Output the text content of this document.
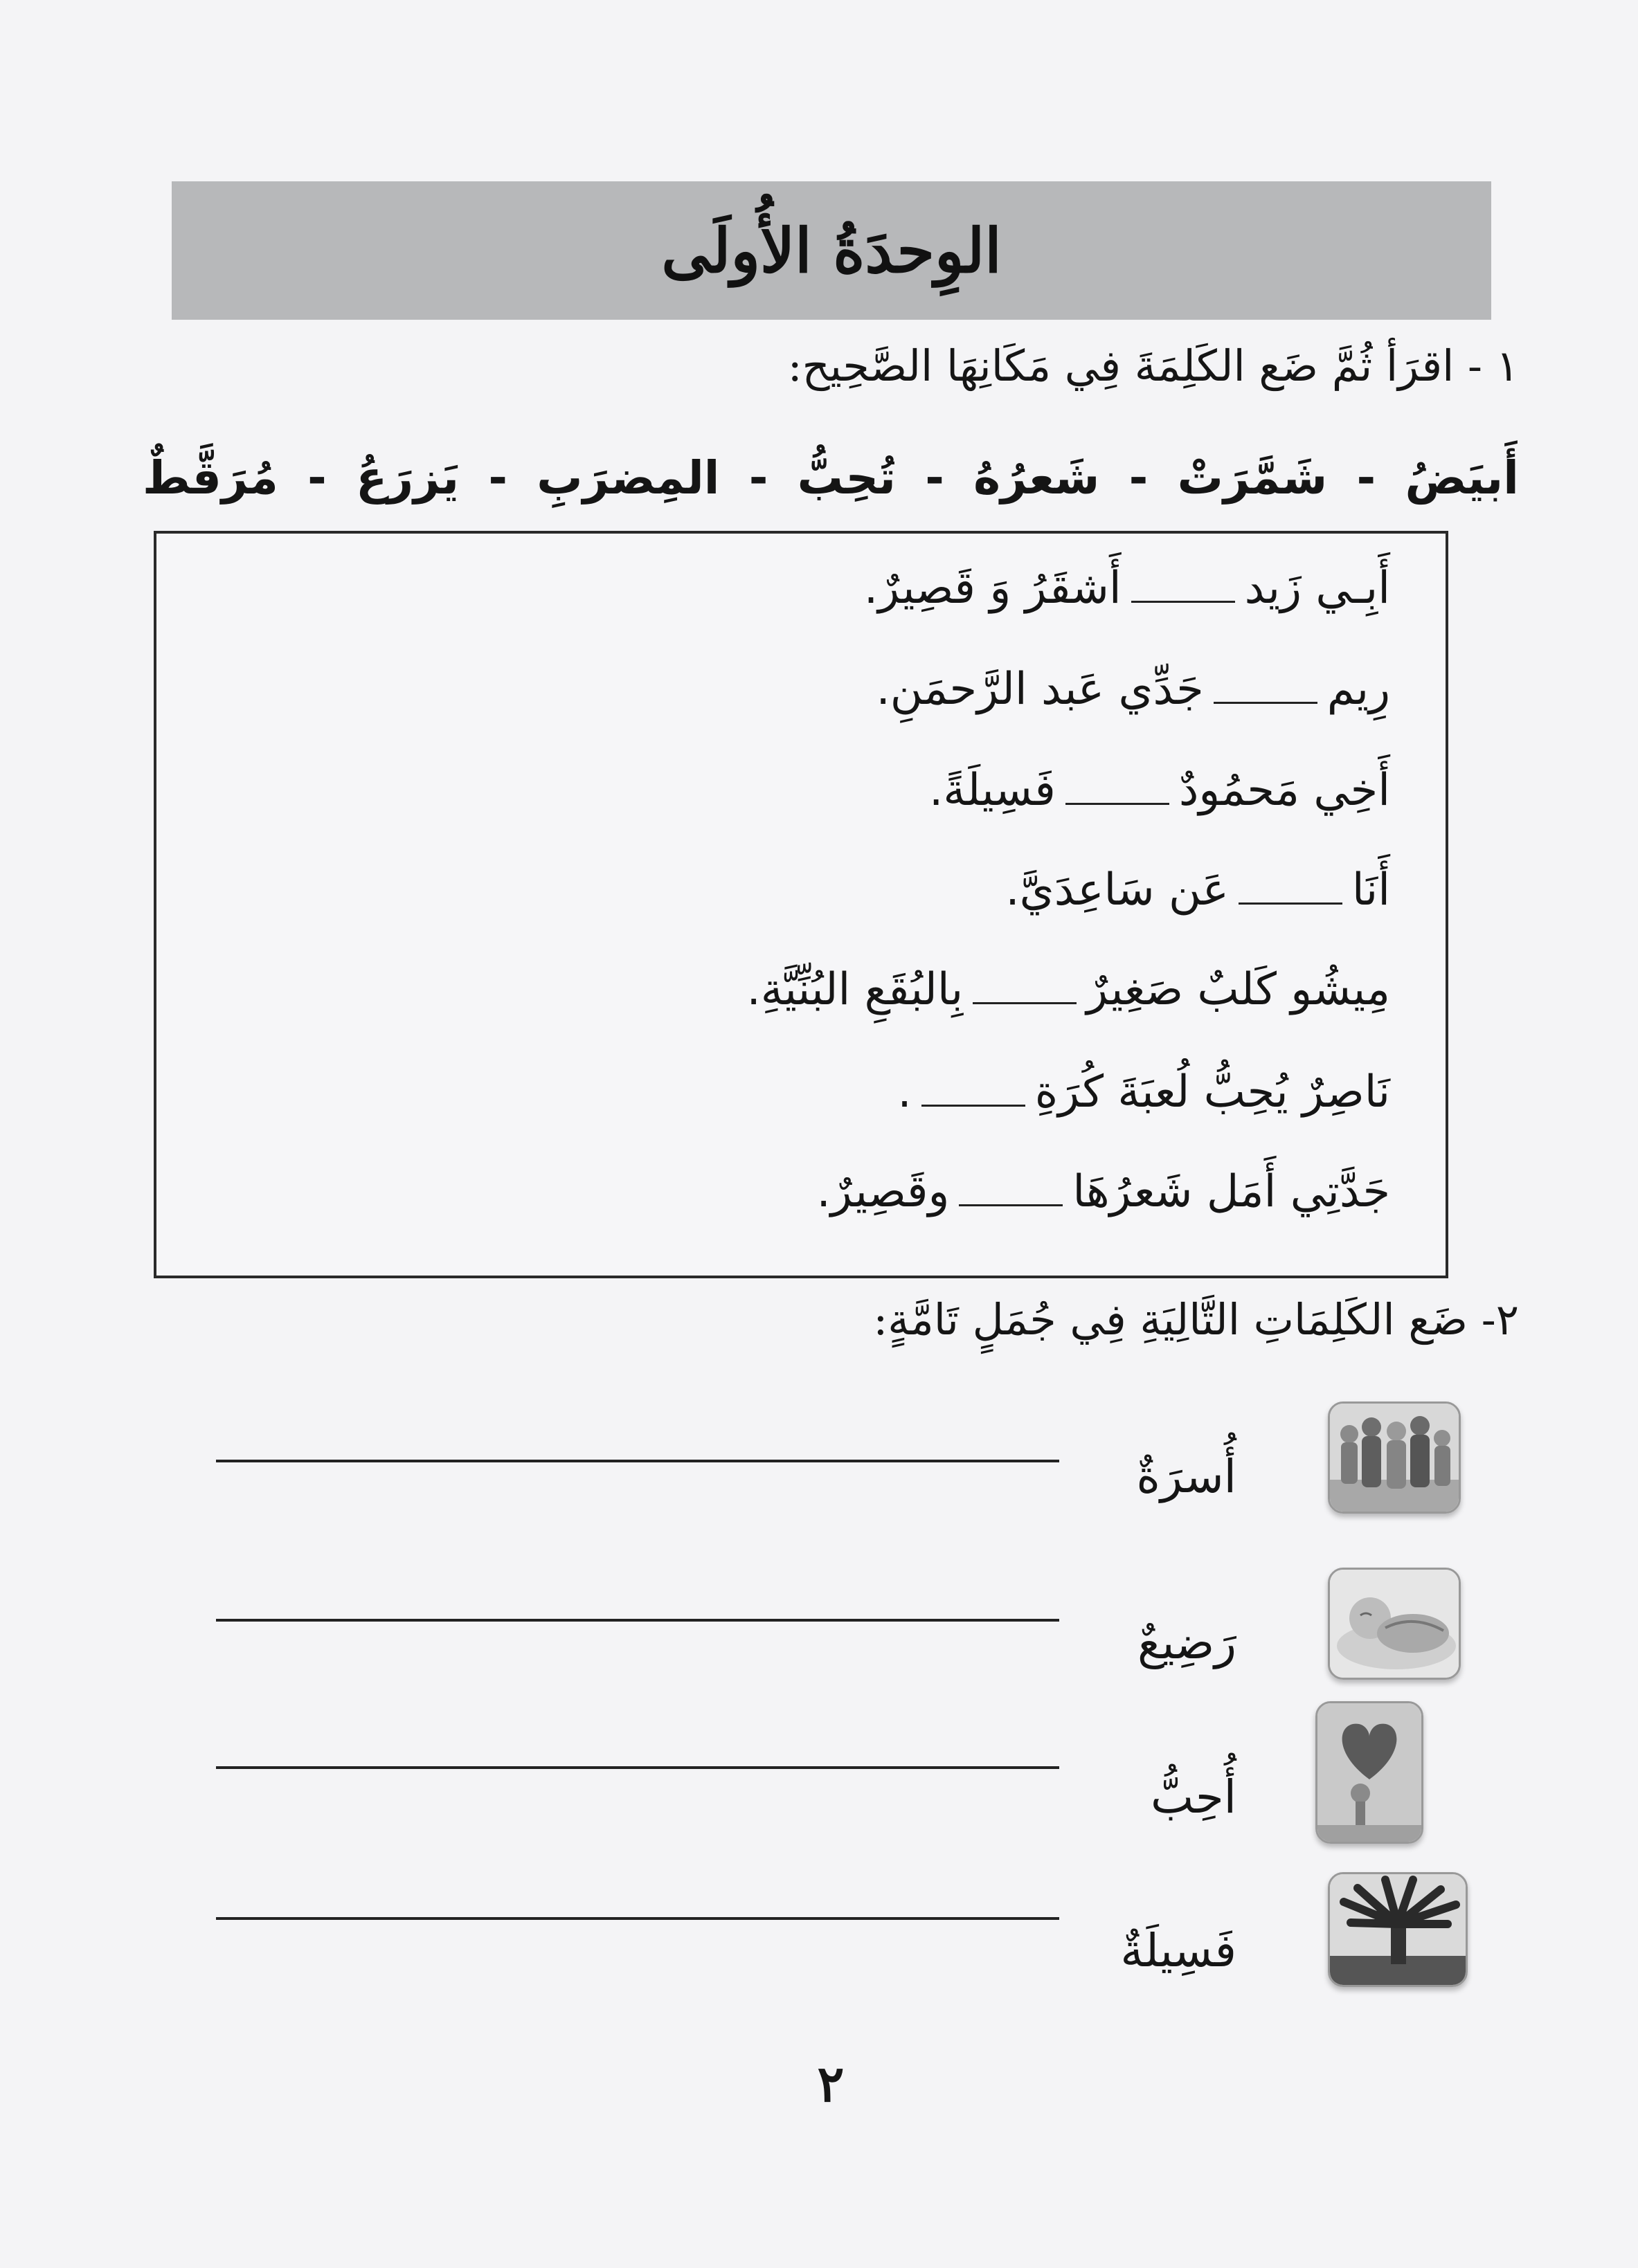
الوِحدَةُ الأُولَى
١ - اقرَأ ثُمَّ ضَع الكَلِمَةَ فِي مَكَانِهَا الصَّحِيح:
أَبيَضُ
-
شَمَّرَتْ
-
شَعرُهُ
-
تُحِبُّ
-
المِضرَبِ
-
يَزرَعُ
-
مُرَقَّطٌ
أَبِـي زَيدأَشقَرُ وَ قَصِيرٌ.
رِيمجَدِّي عَبد الرَّحمَنِ.
أَخِي مَحمُودٌفَسِيلَةً.
أَنَاعَن سَاعِدَيَّ.
مِيشُو كَلبٌ صَغِيرٌبِالبُقَعِ البُنِّيَّةِ.
نَاصِرٌ يُحِبُّ لُعبَةَ كُرَةِ.
جَدَّتِي أَمَل شَعرُهَاوقَصِيرٌ.
٢- ضَع الكَلِمَاتِ التَّالِيَةِ فِي جُمَلٍ تَامَّةٍ:
أُسرَةٌ
رَضِيعٌ
أُحِبُّ
فَسِيلَةٌ
٢
